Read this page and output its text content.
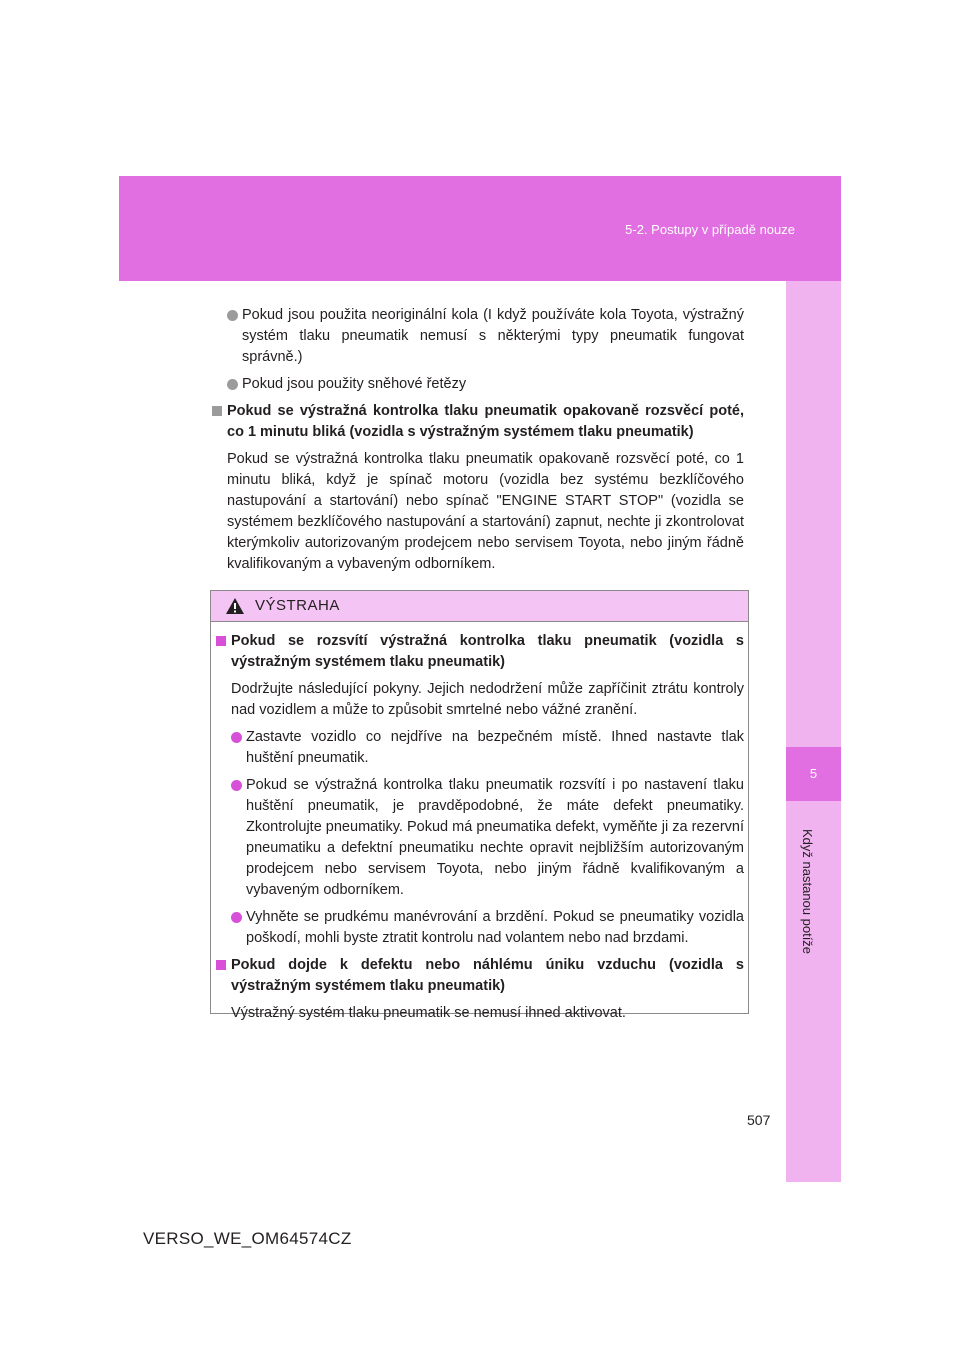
5-2. Postupy v případě nouze
5
Když nastanou potíže
Pokud jsou použita neoriginální kola (I když používáte kola Toyota, výstražný systém tlaku pneumatik nemusí s některými typy pneumatik fungovat správně.)
Pokud jsou použity sněhové řetězy
Pokud se výstražná kontrolka tlaku pneumatik opakovaně rozsvěcí poté, co 1 minutu bliká (vozidla s výstražným systémem tlaku pneumatik)
Pokud se výstražná kontrolka tlaku pneumatik opakovaně rozsvěcí poté, co 1 minutu bliká, když je spínač motoru (vozidla bez systému bezklíčového nastupování a startování) nebo spínač "ENGINE START STOP" (vozidla se systémem bezklíčového nastupování a startování) zapnut, nechte ji zkontrolovat kterýmkoliv autorizovaným prodejcem nebo servisem Toyota, nebo jiným řádně kvalifikovaným a vybaveným odborníkem.
VÝSTRAHA
Pokud se rozsvítí výstražná kontrolka tlaku pneumatik (vozidla s výstražným systémem tlaku pneumatik)
Dodržujte následující pokyny. Jejich nedodržení může zapříčinit ztrátu kontroly nad vozidlem a může to způsobit smrtelné nebo vážné zranění.
Zastavte vozidlo co nejdříve na bezpečném místě. Ihned nastavte tlak huštění pneumatik.
Pokud se výstražná kontrolka tlaku pneumatik rozsvítí i po nastavení tlaku huštění pneumatik, je pravděpodobné, že máte defekt pneumatiky. Zkontrolujte pneumatiky. Pokud má pneumatika defekt, vyměňte ji za rezervní pneumatiku a defektní pneumatiku nechte opravit nejbližším autorizovaným prodejcem nebo servisem Toyota, nebo jiným řádně kvalifikovaným a vybaveným odborníkem.
Vyhněte se prudkému manévrování a brzdění. Pokud se pneumatiky vozidla poškodí, mohli byste ztratit kontrolu nad volantem nebo nad brzdami.
Pokud dojde k defektu nebo náhlému úniku vzduchu (vozidla s výstražným systémem tlaku pneumatik)
Výstražný systém tlaku pneumatik se nemusí ihned aktivovat.
507
VERSO_WE_OM64574CZ
